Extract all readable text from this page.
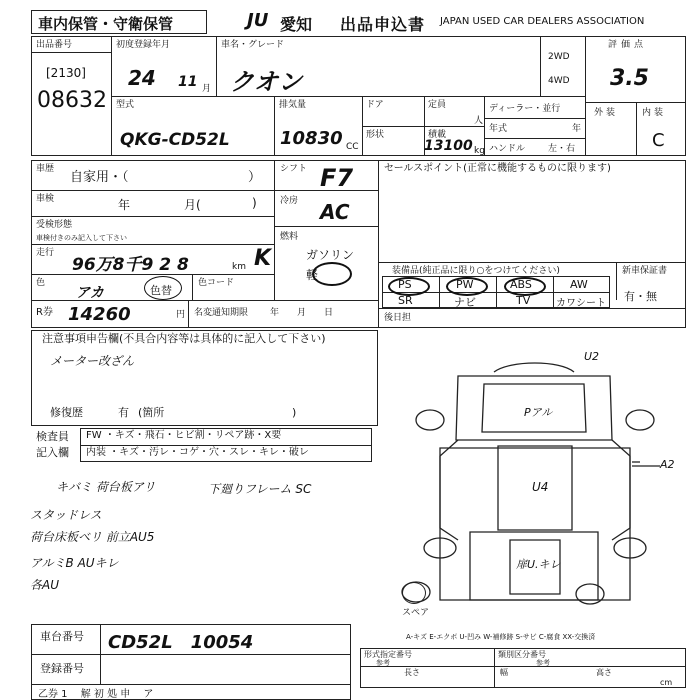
車内保管・守衛保管	JU 愛知 出品申込書 JAPAN USED CAR DEALERS ASSOCIATION
出品番号
[2130]
08632
初度登録年月
24 11 月
車名・グレード
クオン
2WD
4WD
評価点
3.5
外装	内装
C
型式
QKG-CD52L
排気量
10830 CC
ドア	定員
人
形状	積載
13100 kg
ディーラー・並行
年式	年
ハンドル	左・右
車歴
自家用・（	）
車検	年	月(	)
受検形態
車検付きのみ記入して下さい
走行
96万8千9 2 8	km K
色
アカ	色替
色コード
シフト F7
冷房 AC
燃料
ガソリン
軽
セールスポイント(正常に機能するものに限ります)
装備品(純正品に限り○をつけてください)
PS	PW	ABS	AW
SR	ナビ	TV	カワシート
新車保証書
有・無
R券 14260	円 名変通知期限 年　　月　　日	後日担
注意事項申告欄(不具合内容等は具体的に記入して下さい)
メーター改ざん
修復歴	有 (箇所	)
検査員
記入欄
FW ・キズ・飛石・ヒビ割・リペア跡・X要
内装 ・キズ・汚レ・コゲ・穴・スレ・キレ・破レ
キバミ 荷台板アリ	下廻りフレーム SC
スタッドレス
荷台床板ベリ 前立AU5
アルミB AUキレ
各AU
U2
Pアル
U4
扉U.キレ
A2
スペア
A-キズ E-エクボ U-凹み W-補修跡 S-サビ C-腐食 XX-交換済
車台番号 CD52L　10054
登録番号
乙券 1 　解 初 処 申 　ア
形式指定番号
参考
類別区分番号
参考
長さ	幅	高さ
cm
